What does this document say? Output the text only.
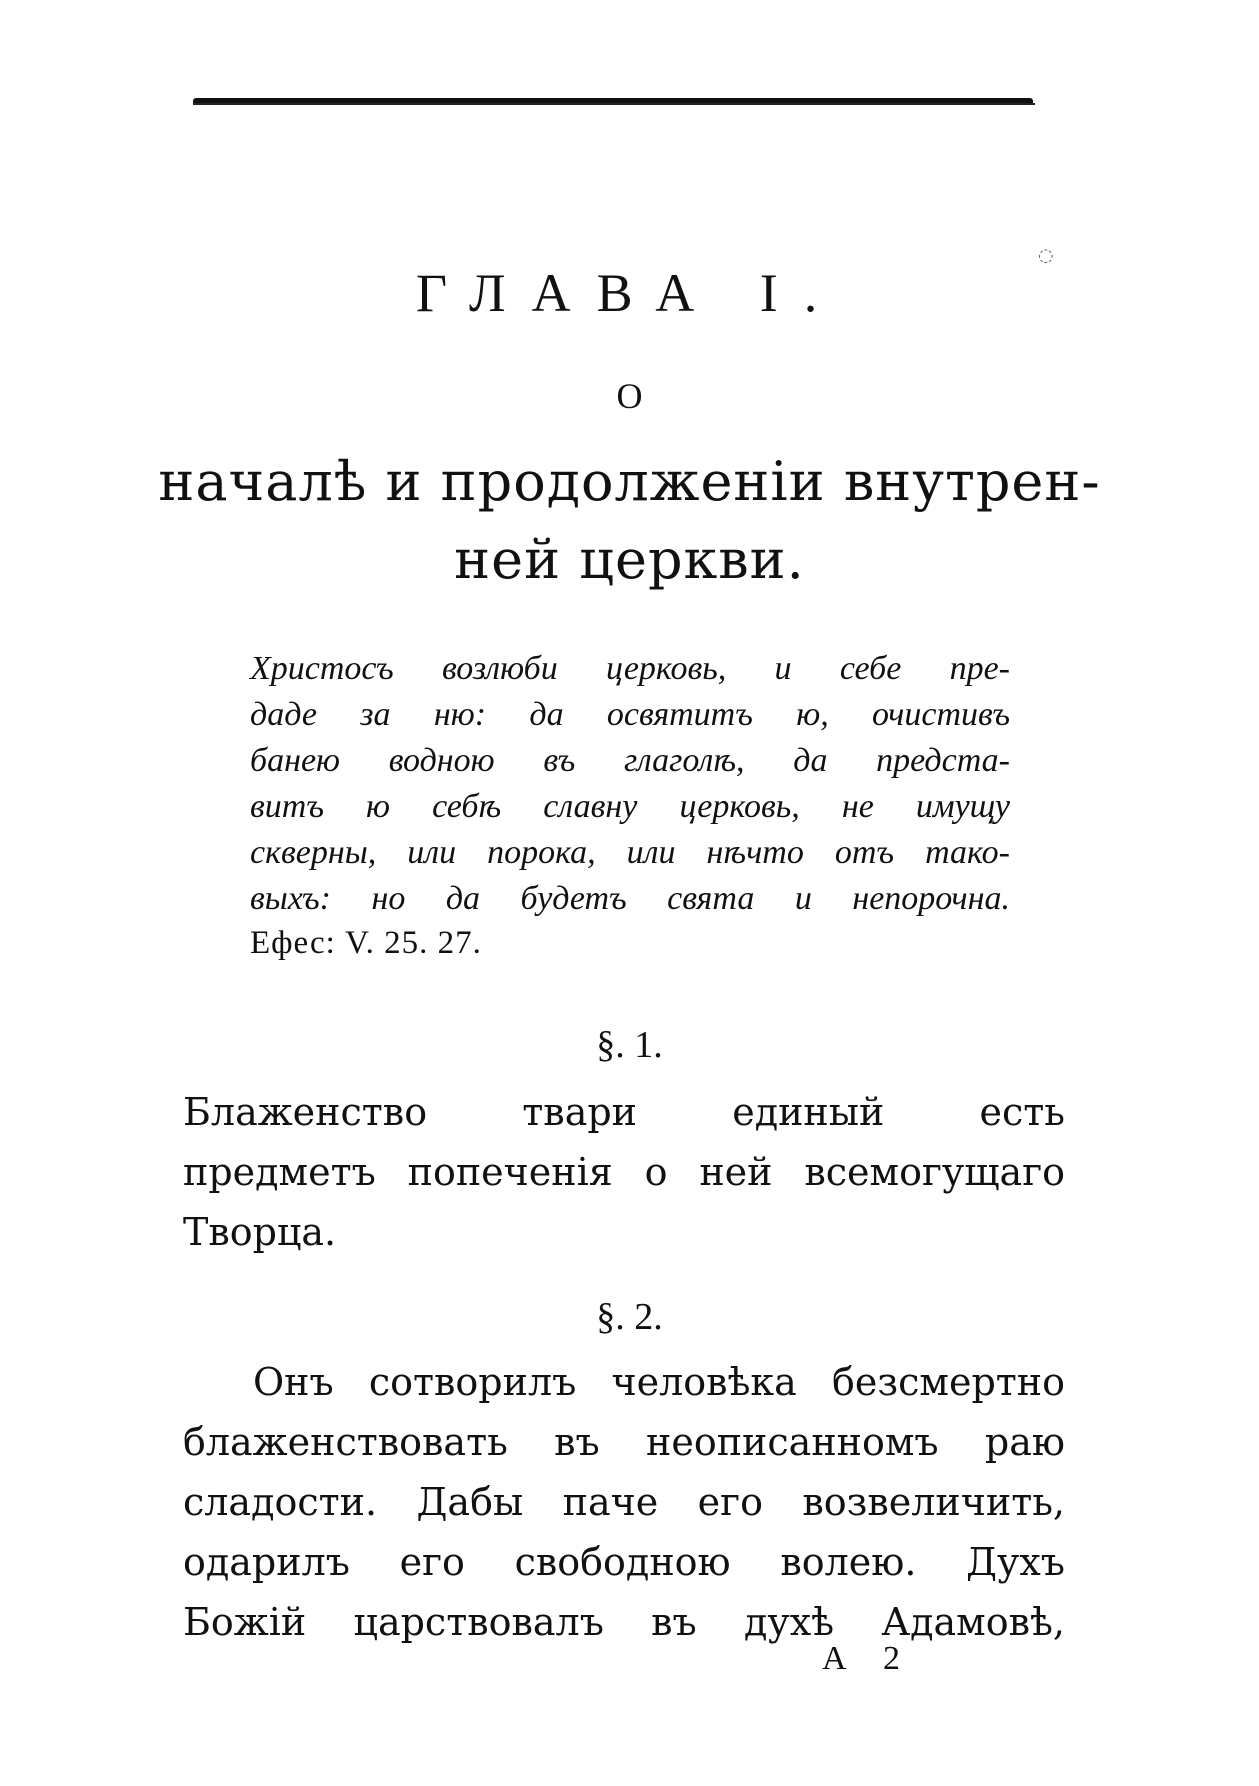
◌
ГЛАВА I.
О
началѣ и продолженіи внутрен-
ней церкви.
Христосъ возлюби церковь, и себе пре-
даде за ню: да освятитъ ю, очистивъ
банею водною въ глаголѣ, да предста-
витъ ю себѣ славну церковь, не имущу
скверны, или порока, или нѣчто отъ тако-
выхъ: но да будетъ свята и непорочна.
Ефес: V. 25. 27.
§. 1.
Блаженство твари единый есть
предметъ попеченія о ней всемогущаго
Творца.
§. 2.
Онъ сотворилъ человѣка безсмертно
блаженствовать въ неописанномъ раю
сладости. Дабы паче его возвеличить,
одарилъ его свободною волею. Духъ
Божій царствовалъ въ духѣ Адамовѣ,
А 2
